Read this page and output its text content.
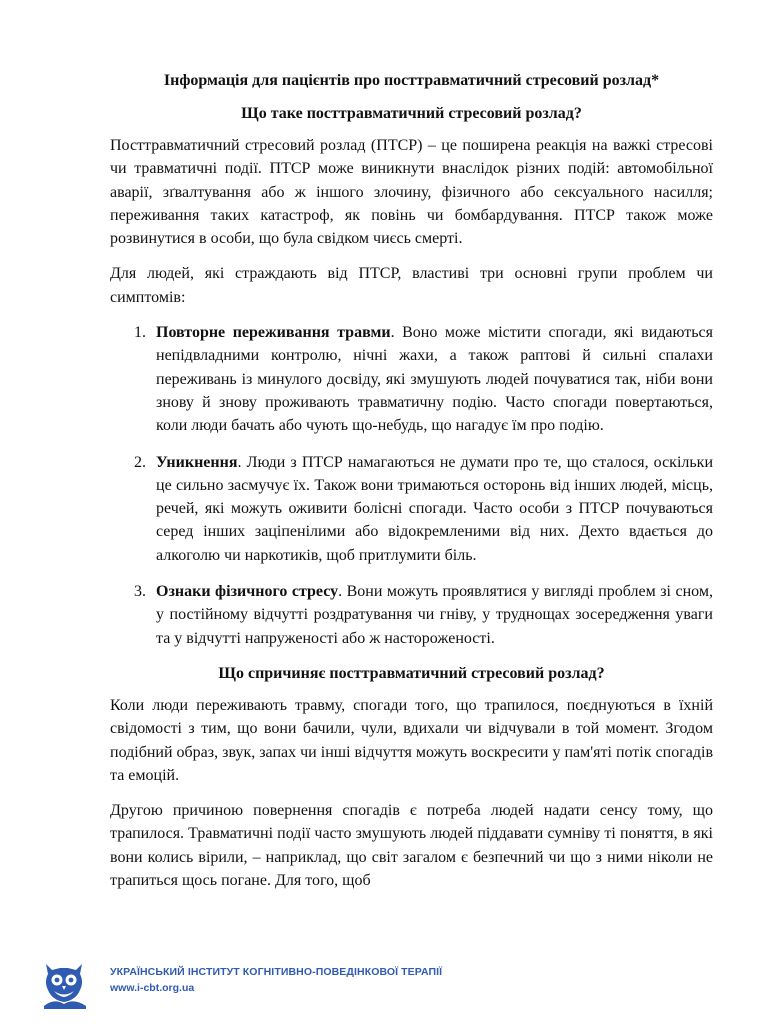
Інформація для пацієнтів про посттравматичний стресовий розлад*
Що таке посттравматичний стресовий розлад?

Посттравматичний стресовий розлад (ПТСР) – це поширена реакція на важкі стресові чи травматичні події. ПТСР може виникнути внаслідок різних подій: автомобільної аварії, зґвалтування або ж іншого злочину, фізичного або сексуального насилля; переживання таких катастроф, як повінь чи бомбардування. ПТСР також може розвинутися в особи, що була свідком чиєсь смерті.

Для людей, які страждають від ПТСР, властиві три основні групи проблем чи симптомів:

1. Повторне переживання травми. Воно може містити спогади, які видаються непідвладними контролю, нічні жахи, а також раптові й сильні спалахи переживань із минулого досвіду, які змушують людей почуватися так, ніби вони знову й знову проживають травматичну подію. Часто спогади повертаються, коли люди бачать або чують що-небудь, що нагадує їм про подію.
2. Уникнення. Люди з ПТСР намагаються не думати про те, що сталося, оскільки це сильно засмучує їх. Також вони тримаються осторонь від інших людей, місць, речей, які можуть оживити болісні спогади. Часто особи з ПТСР почуваються серед інших заціпенілими або відокремленими від них. Дехто вдається до алкоголю чи наркотиків, щоб притлумити біль.
3. Ознаки фізичного стресу. Вони можуть проявлятися у вигляді проблем зі сном, у постійному відчутті роздратування чи гніву, у труднощах зосередження уваги та у відчутті напруженості або ж настороженості.
Що спричиняє посттравматичний стресовий розлад?

Коли люди переживають травму, спогади того, що трапилося, поєднуються в їхній свідомості з тим, що вони бачили, чули, вдихали чи відчували в той момент. Згодом подібний образ, звук, запах чи інші відчуття можуть воскресити у пам'яті потік спогадів та емоцій.

Другою причиною повернення спогадів є потреба людей надати сенсу тому, що трапилося. Травматичні події часто змушують людей піддавати сумніву ті поняття, в які вони колись вірили, – наприклад, що світ загалом є безпечний чи що з ними ніколи не трапиться щось погане. Для того, щоб

УКРАЇНСЬКИЙ ІНСТИТУТ КОГНІТИВНО-ПОВЕДІНКОВОЇ ТЕРАПІЇ
www.i-cbt.org.ua
